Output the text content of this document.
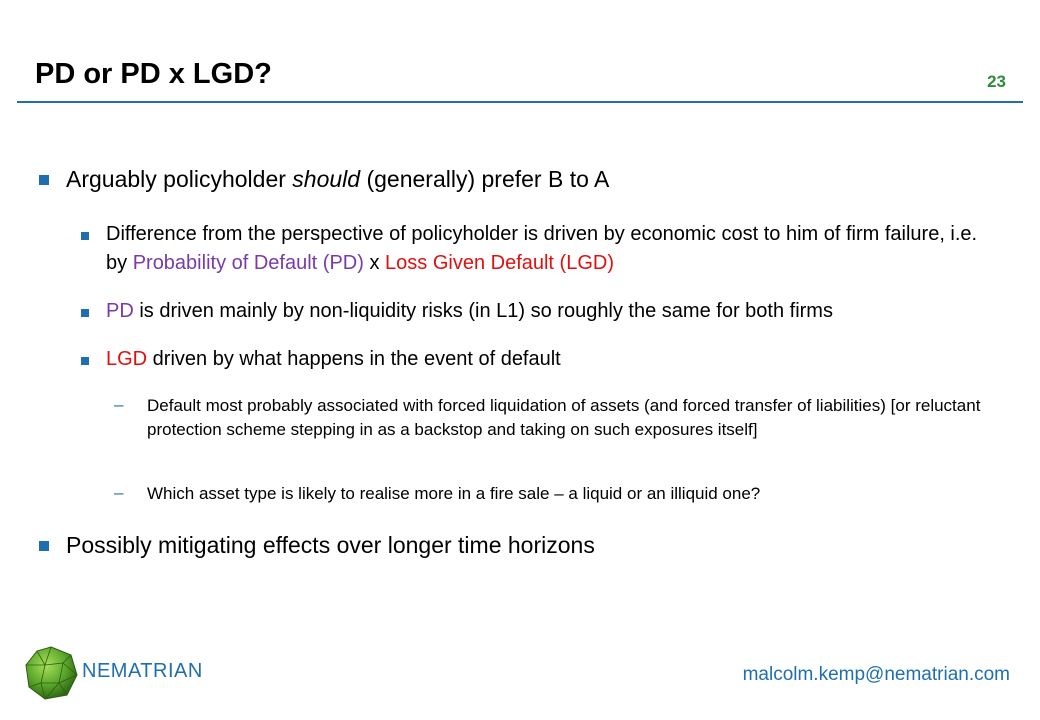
PD or PD x LGD?	23
Arguably policyholder should (generally) prefer B to A
Difference from the perspective of policyholder is driven by economic cost to him of firm failure, i.e. by Probability of Default (PD) x Loss Given Default (LGD)
PD is driven mainly by non-liquidity risks (in L1) so roughly the same for both firms
LGD driven by what happens in the event of default
– Default most probably associated with forced liquidation of assets (and forced transfer of liabilities) [or reluctant protection scheme stepping in as a backstop and taking on such exposures itself]
– Which asset type is likely to realise more in a fire sale – a liquid or an illiquid one?
Possibly mitigating effects over longer time horizons
NEMATRIAN	malcolm.kemp@nematrian.com
